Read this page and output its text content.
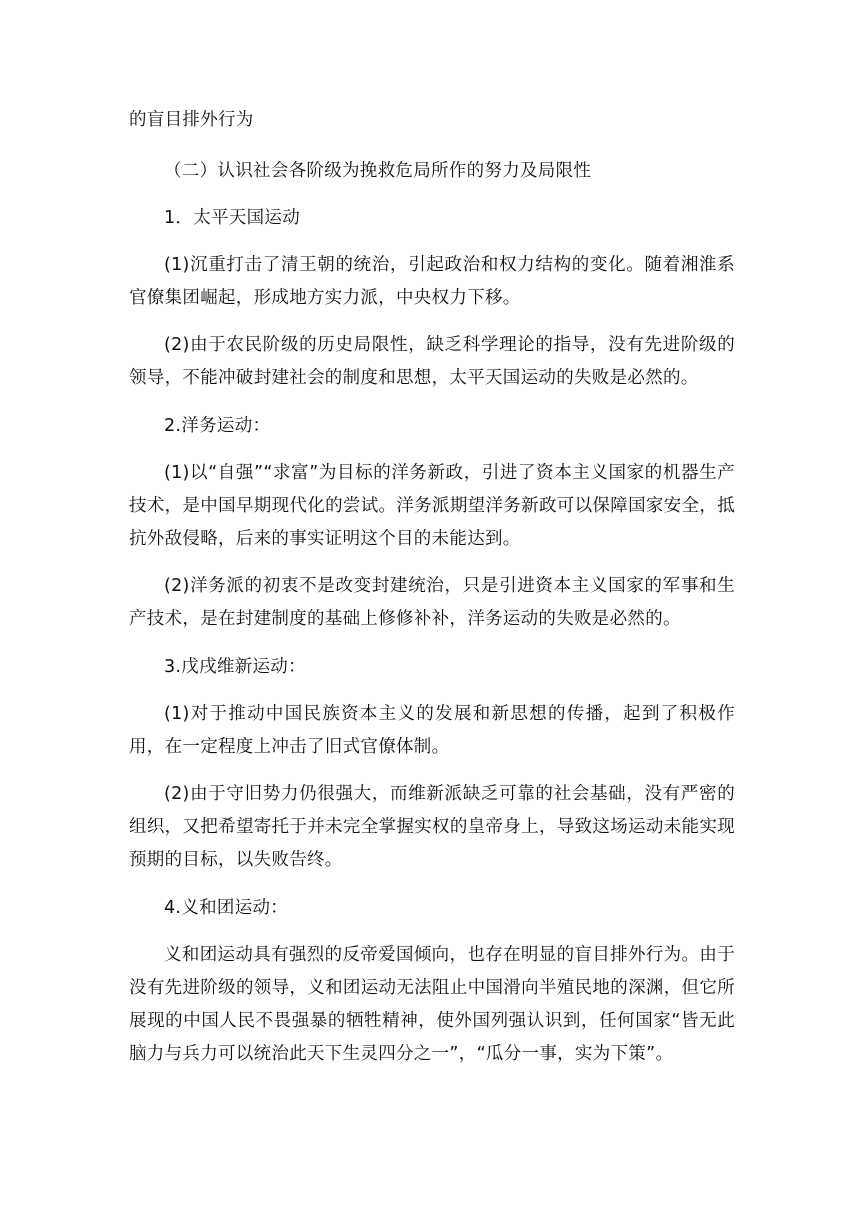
的盲目排外行为

（二）认识社会各阶级为挽救危局所作的努力及局限性

1．太平天国运动

(1)沉重打击了清王朝的统治，引起政治和权力结构的变化。随着湘淮系官僚集团崛起，形成地方实力派，中央权力下移。

(2)由于农民阶级的历史局限性，缺乏科学理论的指导，没有先进阶级的领导，不能冲破封建社会的制度和思想，太平天国运动的失败是必然的。

2.洋务运动：

(1)以“自强”“求富”为目标的洋务新政，引进了资本主义国家的机器生产技术，是中国早期现代化的尝试。洋务派期望洋务新政可以保障国家安全，抵抗外敌侵略，后来的事实证明这个目的未能达到。

(2)洋务派的初衷不是改变封建统治，只是引进资本主义国家的军事和生产技术，是在封建制度的基础上修修补补，洋务运动的失败是必然的。

3.戊戌维新运动：

(1)对于推动中国民族资本主义的发展和新思想的传播，起到了积极作用，在一定程度上冲击了旧式官僚体制。

(2)由于守旧势力仍很强大，而维新派缺乏可靠的社会基础，没有严密的组织，又把希望寄托于并未完全掌握实权的皇帝身上，导致这场运动未能实现预期的目标，以失败告终。

4.义和团运动：

义和团运动具有强烈的反帝爱国倾向，也存在明显的盲目排外行为。由于没有先进阶级的领导，义和团运动无法阻止中国滑向半殖民地的深渊，但它所展现的中国人民不畏强暴的牺牲精神，使外国列强认识到，任何国家“皆无此脑力与兵力可以统治此天下生灵四分之一”，“瓜分一事，实为下策”。
